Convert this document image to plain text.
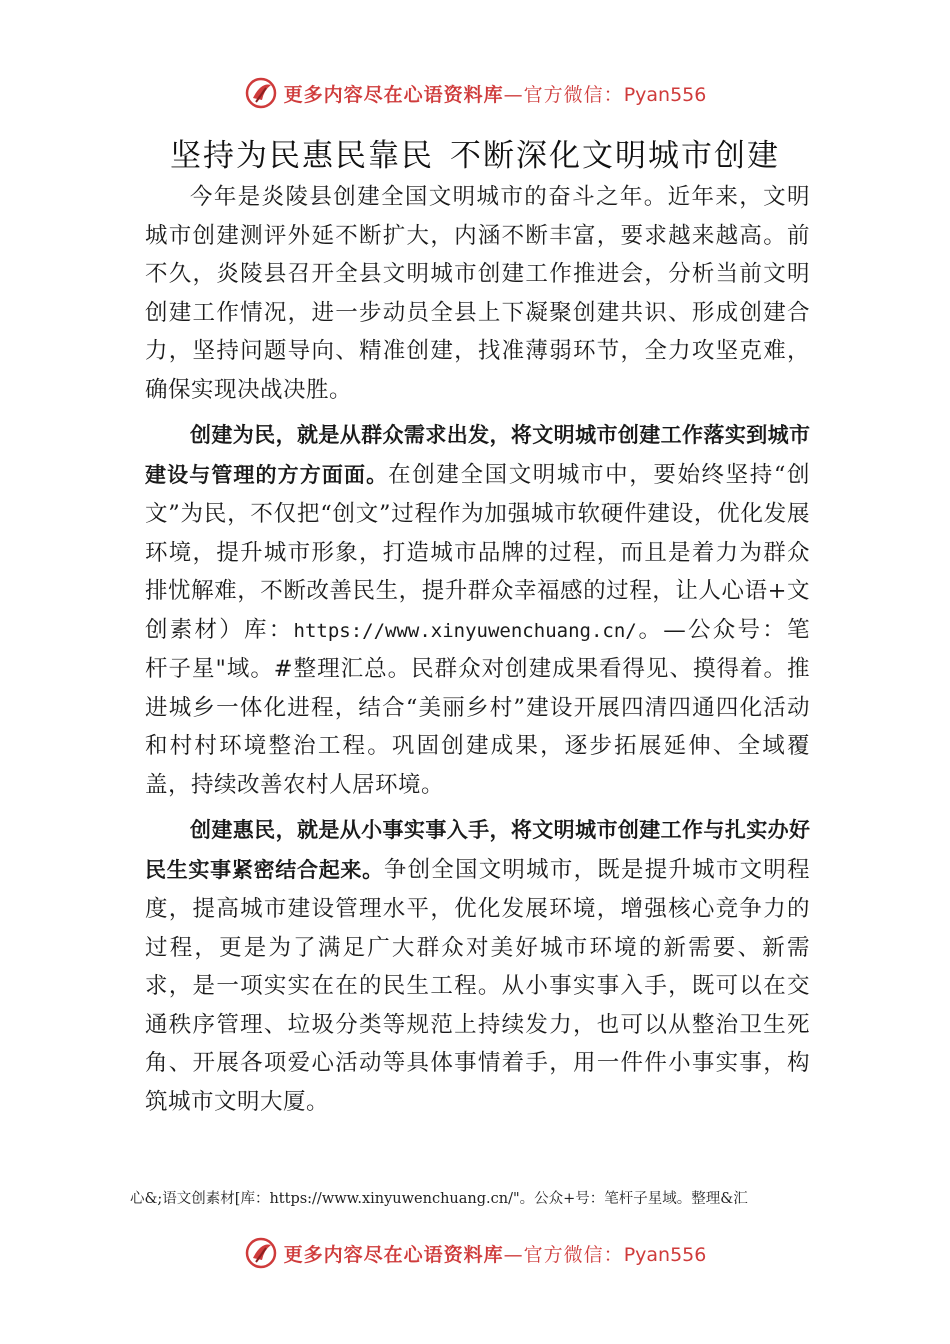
更多内容尽在心语资料库—官方微信：Pyan556
坚持为民惠民靠民 不断深化文明城市创建

今年是炎陵县创建全国文明城市的奋斗之年。近年来，文明城市创建测评外延不断扩大，内涵不断丰富，要求越来越高。前不久，炎陵县召开全县文明城市创建工作推进会，分析当前文明创建工作情况，进一步动员全县上下凝聚创建共识、形成创建合力，坚持问题导向、精准创建，找准薄弱环节，全力攻坚克难，确保实现决战决胜。

创建为民，就是从群众需求出发，将文明城市创建工作落实到城市建设与管理的方方面面。在创建全国文明城市中，要始终坚持“创文”为民，不仅把“创文”过程作为加强城市软硬件建设，优化发展环境，提升城市形象，打造城市品牌的过程，而且是着力为群众排忧解难，不断改善民生，提升群众幸福感的过程，让人心语+文创素材）库：https://www.xinyuwenchuang.cn/。—公众号：笔杆子星"域。#整理汇总。民群众对创建成果看得见、摸得着。推进城乡一体化进程，结合“美丽乡村”建设开展四清四通四化活动和村村环境整治工程。巩固创建成果，逐步拓展延伸、全域覆盖，持续改善农村人居环境。

创建惠民，就是从小事实事入手，将文明城市创建工作与扎实办好民生实事紧密结合起来。争创全国文明城市，既是提升城市文明程度，提高城市建设管理水平，优化发展环境，增强核心竞争力的过程，更是为了满足广大群众对美好城市环境的新需要、新需求，是一项实实在在的民生工程。从小事实事入手，既可以在交通秩序管理、垃圾分类等规范上持续发力，也可以从整治卫生死角、开展各项爱心活动等具体事情着手，用一件件小事实事，构筑城市文明大厦。

心&;语文创素材[库：https://www.xinyuwenchuang.cn/"。公众+号：笔杆子星域。整理&汇
更多内容尽在心语资料库—官方微信：Pyan556
